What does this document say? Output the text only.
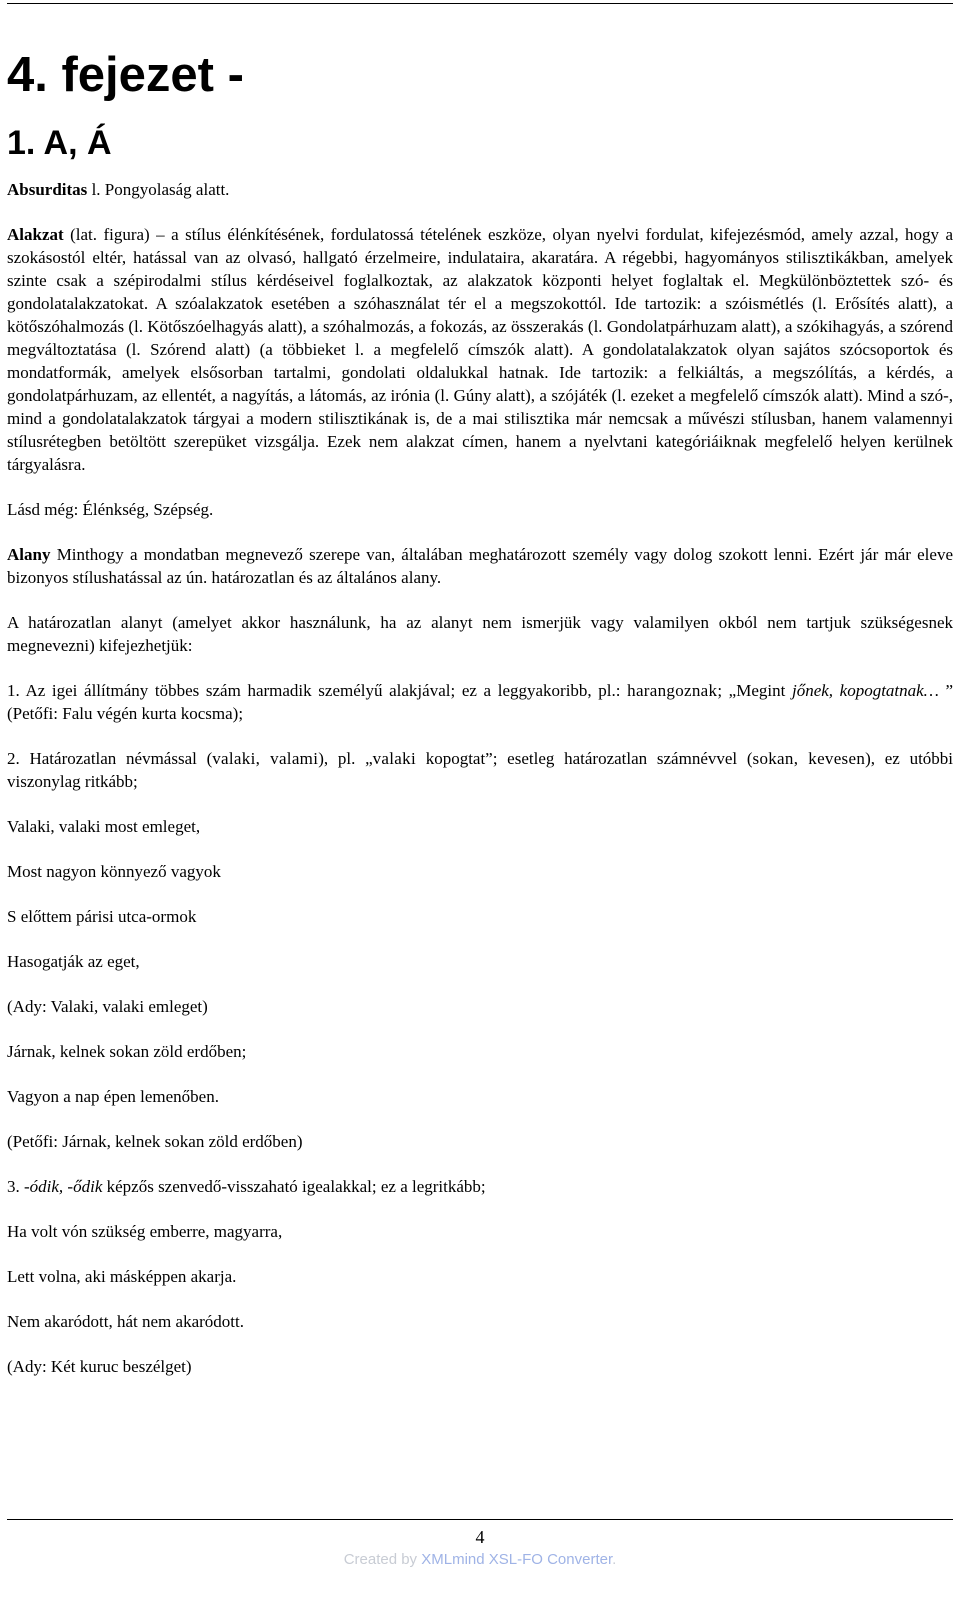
4. fejezet -
1. A, Á

Absurditas l. Pongyolaság alatt.

Alakzat (lat. figura) – a stílus élénkítésének, fordulatossá tételének eszköze, olyan nyelvi fordulat, kifejezésmód, amely azzal, hogy a szokásostól eltér, hatással van az olvasó, hallgató érzelmeire, indulataira, akaratára. A régebbi, hagyományos stilisztikákban, amelyek szinte csak a szépirodalmi stílus kérdéseivel foglalkoztak, az alakzatok központi helyet foglaltak el. Megkülönböztettek szó- és gondolatalakzatokat. A szóalakzatok esetében a szóhasználat tér el a megszokottól. Ide tartozik: a szóismétlés (l. Erősítés alatt), a kötőszóhalmozás (l. Kötőszóelhagyás alatt), a szóhalmozás, a fokozás, az összerakás (l. Gondolatpárhuzam alatt), a szókihagyás, a szórend megváltoztatása (l. Szórend alatt) (a többieket l. a megfelelő címszók alatt). A gondolatalakzatok olyan sajátos szócsoportok és mondatformák, amelyek elsősorban tartalmi, gondolati oldalukkal hatnak. Ide tartozik: a felkiáltás, a megszólítás, a kérdés, a gondolatpárhuzam, az ellentét, a nagyítás, a látomás, az irónia (l. Gúny alatt), a szójáték (l. ezeket a megfelelő címszók alatt). Mind a szó-, mind a gondolatalakzatok tárgyai a modern stilisztikának is, de a mai stilisztika már nemcsak a művészi stílusban, hanem valamennyi stílusrétegben betöltött szerepüket vizsgálja. Ezek nem alakzat címen, hanem a nyelvtani kategóriáiknak megfelelő helyen kerülnek tárgyalásra.

Lásd még: Élénkség, Szépség.

Alany Minthogy a mondatban megnevező szerepe van, általában meghatározott személy vagy dolog szokott lenni. Ezért jár már eleve bizonyos stílushatással az ún. határozatlan és az általános alany.

A határozatlan alanyt (amelyet akkor használunk, ha az alanyt nem ismerjük vagy valamilyen okból nem tartjuk szükségesnek megnevezni) kifejezhetjük:

1. Az igei állítmány többes szám harmadik személyű alakjával; ez a leggyakoribb, pl.: harangoznak; „Megint jőnek, kopogtatnak… ” (Petőfi: Falu végén kurta kocsma);

2. Határozatlan névmással (valaki, valami), pl. „valaki kopogtat”; esetleg határozatlan számnévvel (sokan, kevesen), ez utóbbi viszonylag ritkább;

Valaki, valaki most emleget,

Most nagyon könnyező vagyok

S előttem párisi utca-ormok

Hasogatják az eget,

(Ady: Valaki, valaki emleget)

Járnak, kelnek sokan zöld erdőben;

Vagyon a nap épen lemenőben.

(Petőfi: Járnak, kelnek sokan zöld erdőben)

3. -ódik, -ődik képzős szenvedő-visszaható igealakkal; ez a legritkább;

Ha volt vón szükség emberre, magyarra,

Lett volna, aki másképpen akarja.

Nem akaródott, hát nem akaródott.

(Ady: Két kuruc beszélget)

4
Created by XMLmind XSL-FO Converter.
